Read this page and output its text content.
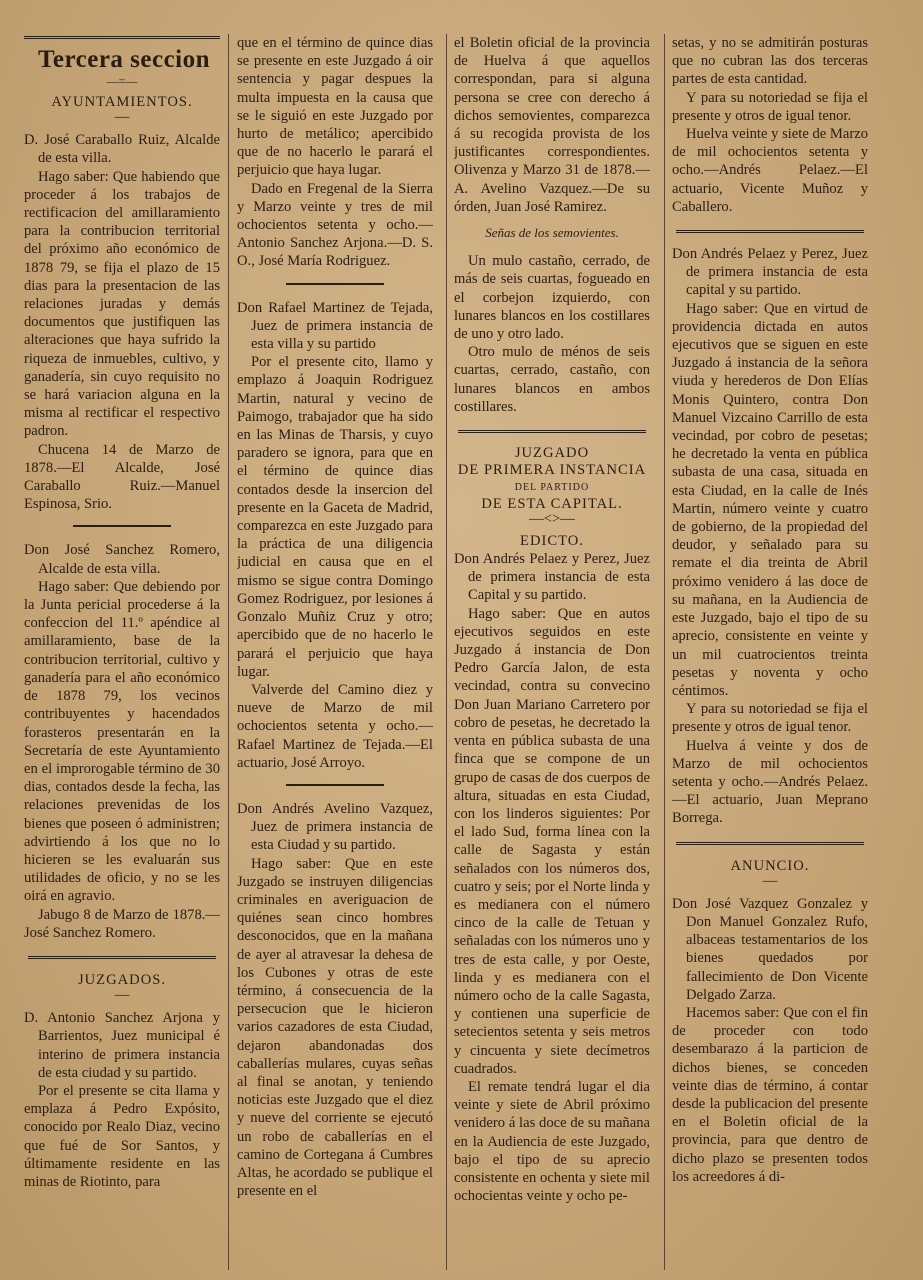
Tercera seccion
—=—
AYUNTAMIENTOS.
—

D. José Caraballo Ruiz, Alcalde de esta villa.

Hago saber: Que habiendo que proceder á los trabajos de rectificacion del amillaramiento para la contribucion territorial del próximo año económico de 1878 79, se fija el plazo de 15 dias para la presentacion de las relaciones juradas y demás documentos que justifiquen las alteraciones que haya sufrido la riqueza de inmuebles, cultivo, y ganadería, sin cuyo requisito no se hará variacion alguna en la misma al rectificar el respectivo padron.

Chucena 14 de Marzo de 1878.—El Alcalde, José Caraballo Ruiz.—Manuel Espinosa, Srio.

Don José Sanchez Romero, Alcalde de esta villa.

Hago saber: Que debiendo por la Junta pericial procederse á la confeccion del 11.º apéndice al amillaramiento, base de la contribucion territorial, cultivo y ganadería para el año económico de 1878 79, los vecinos contribuyentes y hacendados forasteros presentarán en la Secretaría de este Ayuntamiento en el improrogable término de 30 dias, contados desde la fecha, las relaciones prevenidas de los bienes que poseen ó administren; advirtiendo á los que no lo hicieren se les evaluarán sus utilidades de oficio, y no se les oirá en agravio.

Jabugo 8 de Marzo de 1878.—José Sanchez Romero.

JUZGADOS.
—

D. Antonio Sanchez Arjona y Barrientos, Juez municipal é interino de primera instancia de esta ciudad y su partido.

Por el presente se cita llama y emplaza á Pedro Expósito, conocido por Realo Diaz, vecino que fué de Sor Santos, y últimamente residente en las minas de Riotinto, para

que en el término de quince dias se presente en este Juzgado á oir sentencia y pagar despues la multa impuesta en la causa que se le siguió en este Juzgado por hurto de metálico; apercibido que de no hacerlo le parará el perjuicio que haya lugar.

Dado en Fregenal de la Sierra y Marzo veinte y tres de mil ochocientos setenta y ocho.—Antonio Sanchez Arjona.—D. S. O., José María Rodriguez.

Don Rafael Martinez de Tejada, Juez de primera instancia de esta villa y su partido

Por el presente cito, llamo y emplazo á Joaquin Rodriguez Martin, natural y vecino de Paimogo, trabajador que ha sido en las Minas de Tharsis, y cuyo paradero se ignora, para que en el término de quince dias contados desde la insercion del presente en la Gaceta de Madrid, comparezca en este Juzgado para la práctica de una diligencia judicial en causa que en el mismo se sigue contra Domingo Gomez Rodriguez, por lesiones á Gonzalo Muñiz Cruz y otro; apercibido que de no hacerlo le parará el perjuicio que haya lugar.

Valverde del Camino diez y nueve de Marzo de mil ochocientos setenta y ocho.—Rafael Martinez de Tejada.—El actuario, José Arroyo.

Don Andrés Avelino Vazquez, Juez de primera instancia de esta Ciudad y su partido.

Hago saber: Que en este Juzgado se instruyen diligencias criminales en averiguacion de quiénes sean cinco hombres desconocidos, que en la mañana de ayer al atravesar la dehesa de los Cubones y otras de este término, á consecuencia de la persecucion que le hicieron varios cazadores de esta Ciudad, dejaron abandonadas dos caballerías mulares, cuyas señas al final se anotan, y teniendo noticias este Juzgado que el diez y nueve del corriente se ejecutó un robo de caballerías en el camino de Cortegana á Cumbres Altas, he acordado se publique el presente en el

el Boletin oficial de la provincia de Huelva á que aquellos correspondan, para si alguna persona se cree con derecho á dichos semovientes, comparezca á su recogida provista de los justificantes correspondientes. Olivenza y Marzo 31 de 1878.—A. Avelino Vazquez.—De su órden, Juan José Ramirez.

Señas de los semovientes.

Un mulo castaño, cerrado, de más de seis cuartas, fogueado en el corbejon izquierdo, con lunares blancos en los costillares de uno y otro lado.

Otro mulo de ménos de seis cuartas, cerrado, castaño, con lunares blancos en ambos costillares.

JUZGADO
DE PRIMERA INSTANCIA
DEL PARTIDO
DE ESTA CAPITAL.
—<>—
EDICTO.

Don Andrés Pelaez y Perez, Juez de primera instancia de esta Capital y su partido.

Hago saber: Que en autos ejecutivos seguidos en este Juzgado á instancia de Don Pedro García Jalon, de esta vecindad, contra su convecino Don Juan Mariano Carretero por cobro de pesetas, he decretado la venta en pública subasta de una finca que se compone de un grupo de casas de dos cuerpos de altura, situadas en esta Ciudad, con los linderos siguientes: Por el lado Sud, forma línea con la calle de Sagasta y están señalados con los números dos, cuatro y seis; por el Norte linda y es medianera con el número cinco de la calle de Tetuan y señaladas con los números uno y tres de esta calle, y por Oeste, linda y es medianera con el número ocho de la calle Sagasta, y contienen una superficie de setecientos setenta y seis metros y cincuenta y siete decímetros cuadrados.

El remate tendrá lugar el dia veinte y siete de Abril próximo venidero á las doce de su mañana en la Audiencia de este Juzgado, bajo el tipo de su aprecio consistente en ochenta y siete mil ochocientas veinte y ocho pe-

setas, y no se admitirán posturas que no cubran las dos terceras partes de esta cantidad.

Y para su notoriedad se fija el presente y otros de igual tenor.

Huelva veinte y siete de Marzo de mil ochocientos setenta y ocho.—Andrés Pelaez.—El actuario, Vicente Muñoz y Caballero.

Don Andrés Pelaez y Perez, Juez de primera instancia de esta capital y su partido.

Hago saber: Que en virtud de providencia dictada en autos ejecutivos que se siguen en este Juzgado á instancia de la señora viuda y herederos de Don Elías Monis Quintero, contra Don Manuel Vizcaino Carrillo de esta vecindad, por cobro de pesetas; he decretado la venta en pública subasta de una casa, situada en esta Ciudad, en la calle de Inés Martin, número veinte y cuatro de gobierno, de la propiedad del deudor, y señalado para su remate el dia treinta de Abril próximo venidero á las doce de su mañana, en la Audiencia de este Juzgado, bajo el tipo de su aprecio, consistente en veinte y un mil cuatrocientos treinta pesetas y noventa y ocho céntimos.

Y para su notoriedad se fija el presente y otros de igual tenor.

Huelva á veinte y dos de Marzo de mil ochocientos setenta y ocho.—Andrés Pelaez.—El actuario, Juan Meprano Borrega.

ANUNCIO.
—

Don José Vazquez Gonzalez y Don Manuel Gonzalez Rufo, albaceas testamentarios de los bienes quedados por fallecimiento de Don Vicente Delgado Zarza.

Hacemos saber: Que con el fin de proceder con todo desembarazo á la particion de dichos bienes, se conceden veinte dias de término, á contar desde la publicacion del presente en el Boletin oficial de la provincia, para que dentro de dicho plazo se presenten todos los acreedores á di-
